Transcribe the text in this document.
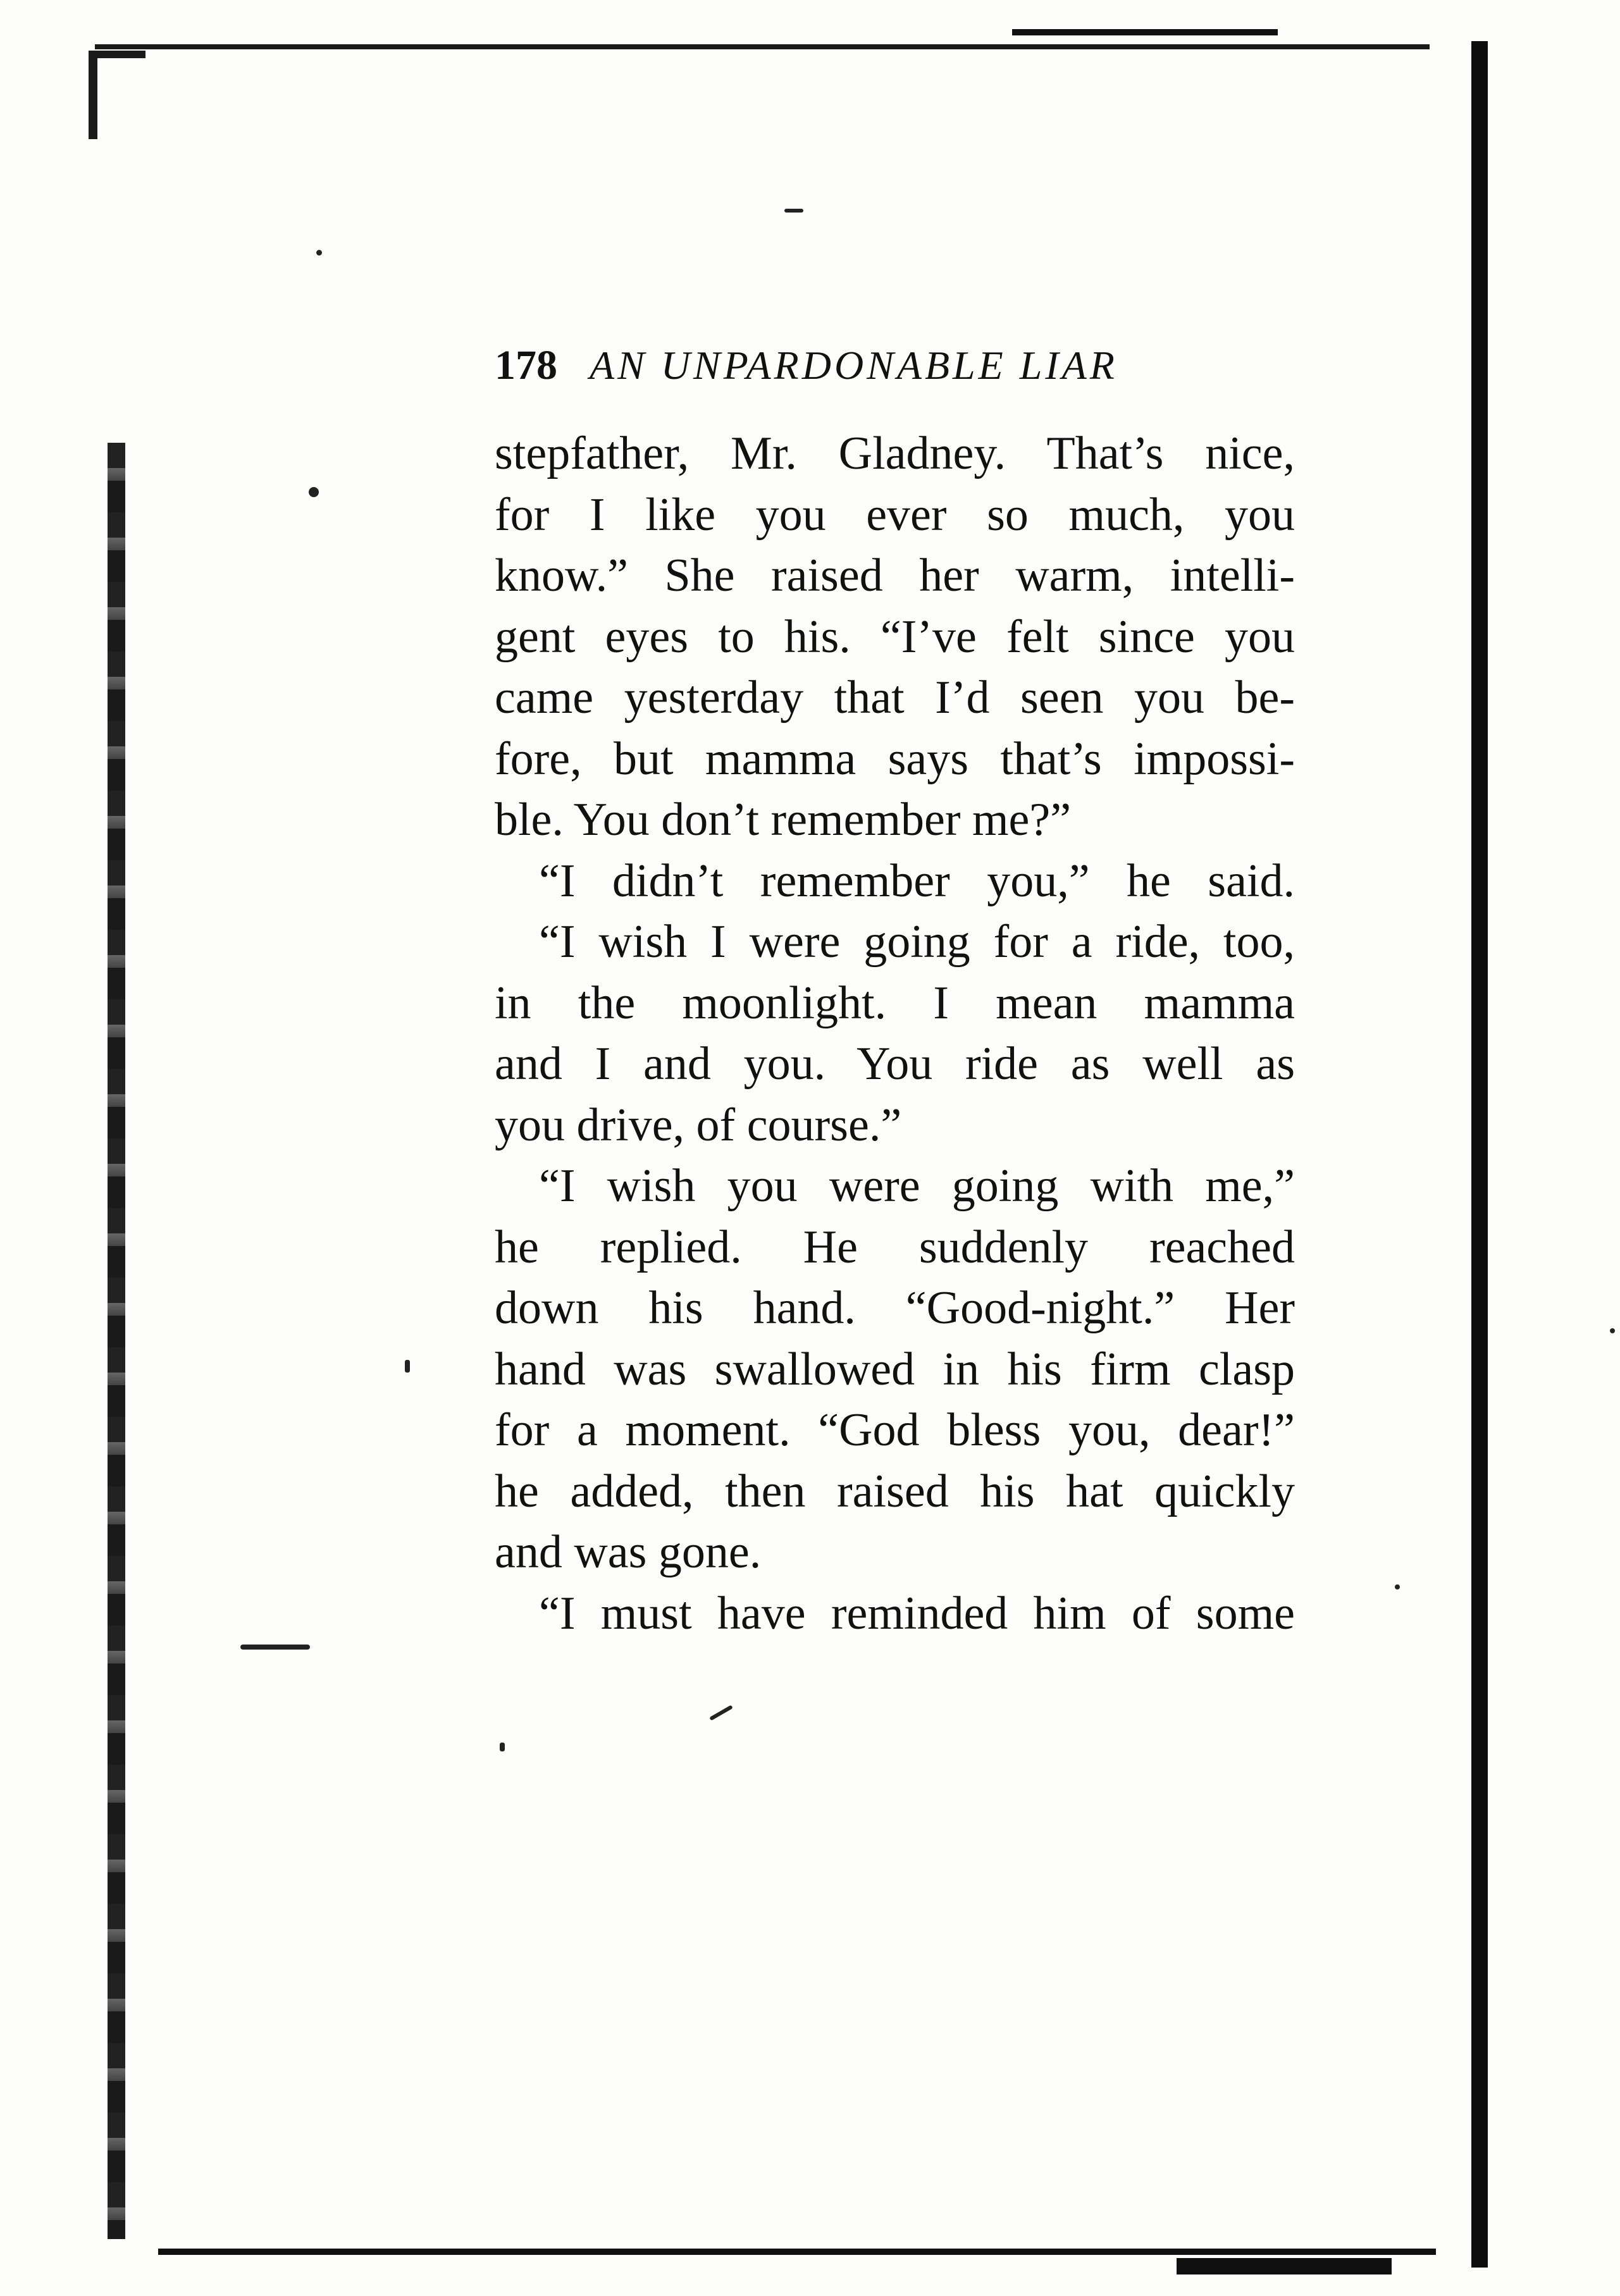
178 AN UNPARDONABLE LIAR
stepfather, Mr. Gladney. That’s nice,
for I like you ever so much, you
know.” She raised her warm, intelli-
gent eyes to his. “I’ve felt since you
came yesterday that I’d seen you be-
fore, but mamma says that’s impossi-
ble. You don’t remember me?”
“I didn’t remember you,” he said.
“I wish I were going for a ride, too,
in the moonlight. I mean mamma
and I and you. You ride as well as
you drive, of course.”
“I wish you were going with me,”
he replied. He suddenly reached
down his hand. “Good-night.” Her
hand was swallowed in his firm clasp
for a moment. “God bless you, dear!”
he added, then raised his hat quickly
and was gone.
“I must have reminded him of some
